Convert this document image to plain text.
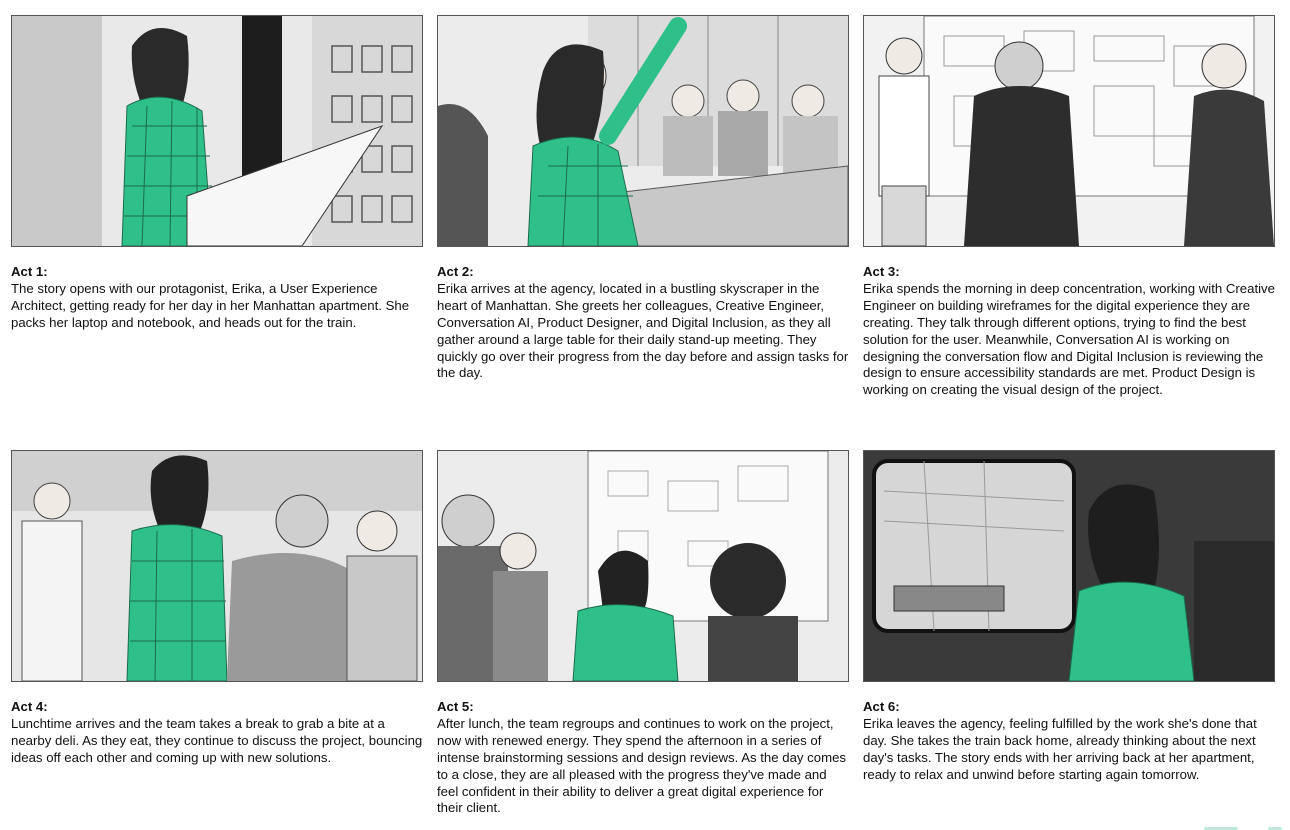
Act 1:
The story opens with our protagonist, Erika, a User Experience Architect, getting ready for her day in her Manhattan apartment. She packs her laptop and notebook, and heads out for the train.
Act 2:
Erika arrives at the agency, located in a bustling skyscraper in the heart of Manhattan. She greets her colleagues, Creative Engineer, Conversation AI, Product Designer, and Digital Inclusion, as they all gather around a large table for their daily stand-up meeting. They quickly go over their progress from the day before and assign tasks for the day.
Act 3:
Erika spends the morning in deep concentration, working with Creative Engineer on building wireframes for the digital experience they are creating. They talk through different options, trying to find the best solution for the user. Meanwhile, Conversation AI is working on designing the conversation flow and Digital Inclusion is reviewing the design to ensure accessibility standards are met. Product Design is working on creating the visual design of the project.
Act 4:
Lunchtime arrives and the team takes a break to grab a bite at a nearby deli. As they eat, they continue to discuss the project, bouncing ideas off each other and coming up with new solutions.
Act 5:
After lunch, the team regroups and continues to work on the project, now with renewed energy. They spend the afternoon in a series of intense brainstorming sessions and design reviews. As the day comes to a close, they are all pleased with the progress they've made and feel confident in their ability to deliver a great digital experience for their client.
Act 6:
Erika leaves the agency, feeling fulfilled by the work she's done that day. She takes the train back home, already thinking about the next day's tasks. The story ends with her arriving back at her apartment, ready to relax and unwind before starting again tomorrow.
